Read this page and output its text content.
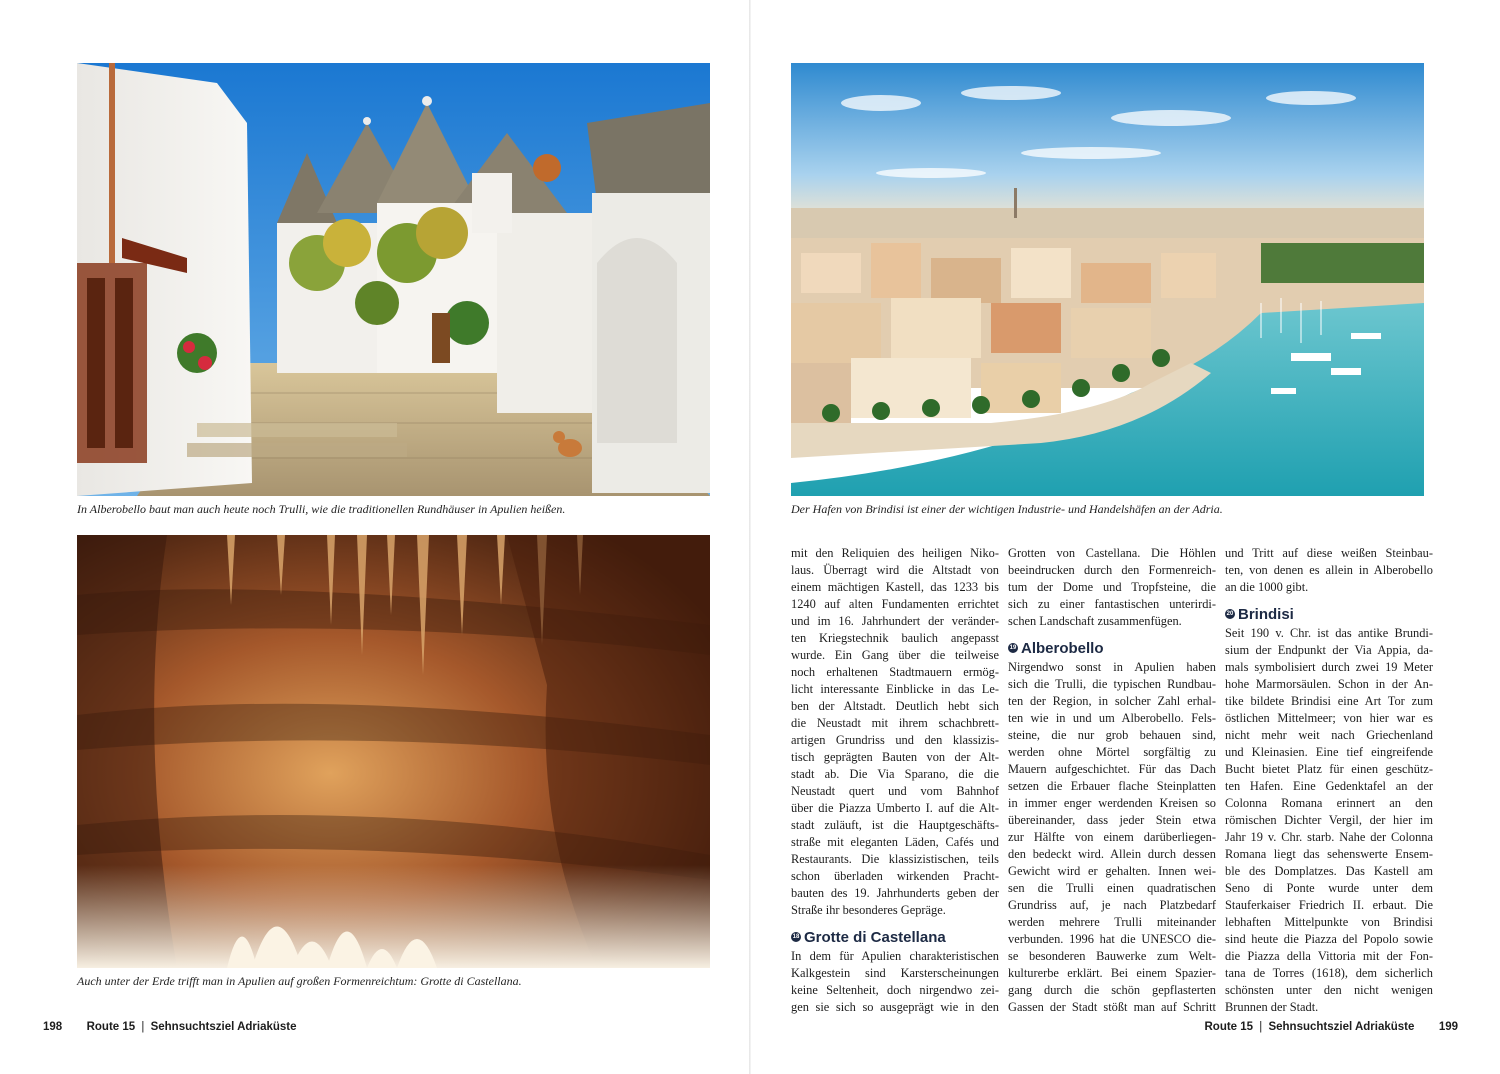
In Alberobello baut man auch heute noch Trulli, wie die traditionellen Rundhäuser in Apulien heißen.
Auch unter der Erde trifft man in Apulien auf großen Formenreichtum: Grotte di Castellana.
198 Route 15 | Sehnsuchtsziel Adriaküste
Der Hafen von Brindisi ist einer der wichtigen Industrie- und Handelshäfen an der Adria.
mit den Reliquien des heiligen Niko-
laus. Überragt wird die Altstadt von
einem mächtigen Kastell, das 1233 bis
1240 auf alten Fundamenten errichtet
und im 16. Jahrhundert der veränder-
ten Kriegstechnik baulich angepasst
wurde. Ein Gang über die teilweise
noch erhaltenen Stadtmauern ermög-
licht interessante Einblicke in das Le-
ben der Altstadt. Deutlich hebt sich
die Neustadt mit ihrem schachbrett-
artigen Grundriss und den klassizis-
tisch geprägten Bauten von der Alt-
stadt ab. Die Via Sparano, die die
Neustadt quert und vom Bahnhof
über die Piazza Umberto I. auf die Alt-
stadt zuläuft, ist die Hauptgeschäfts-
straße mit eleganten Läden, Cafés und
Restaurants. Die klassizistischen, teils
schon überladen wirkenden Pracht-
bauten des 19. Jahrhunderts geben der
Straße ihr besonderes Gepräge.
18 Grotte di Castellana
In dem für Apulien charakteristischen
Kalkgestein sind Karsterscheinungen
keine Seltenheit, doch nirgendwo zei-
gen sie sich so ausgeprägt wie in den
Grotten von Castellana. Die Höhlen
beeindrucken durch den Formenreich-
tum der Dome und Tropfsteine, die
sich zu einer fantastischen unterirdi-
schen Landschaft zusammenfügen.
19 Alberobello
Nirgendwo sonst in Apulien haben
sich die Trulli, die typischen Rundbau-
ten der Region, in solcher Zahl erhal-
ten wie in und um Alberobello. Fels-
steine, die nur grob behauen sind,
werden ohne Mörtel sorgfältig zu
Mauern aufgeschichtet. Für das Dach
setzen die Erbauer flache Steinplatten
in immer enger werdenden Kreisen so
übereinander, dass jeder Stein etwa
zur Hälfte von einem darüberliegen-
den bedeckt wird. Allein durch dessen
Gewicht wird er gehalten. Innen wei-
sen die Trulli einen quadratischen
Grundriss auf, je nach Platzbedarf
werden mehrere Trulli miteinander
verbunden. 1996 hat die UNESCO die-
se besonderen Bauwerke zum Welt-
kulturerbe erklärt. Bei einem Spazier-
gang durch die schön gepflasterten
Gassen der Stadt stößt man auf Schritt
und Tritt auf diese weißen Steinbau-
ten, von denen es allein in Alberobello
an die 1000 gibt.
20 Brindisi
Seit 190 v. Chr. ist das antike Brundi-
sium der Endpunkt der Via Appia, da-
mals symbolisiert durch zwei 19 Meter
hohe Marmorsäulen. Schon in der An-
tike bildete Brindisi eine Art Tor zum
östlichen Mittelmeer; von hier war es
nicht mehr weit nach Griechenland
und Kleinasien. Eine tief eingreifende
Bucht bietet Platz für einen geschütz-
ten Hafen. Eine Gedenktafel an der
Colonna Romana erinnert an den
römischen Dichter Vergil, der hier im
Jahr 19 v. Chr. starb. Nahe der Colonna
Romana liegt das sehenswerte Ensem-
ble des Domplatzes. Das Kastell am
Seno di Ponte wurde unter dem
Stauferkaiser Friedrich II. erbaut. Die
lebhaften Mittelpunkte von Brindisi
sind heute die Piazza del Popolo sowie
die Piazza della Vittoria mit der Fon-
tana de Torres (1618), dem sicherlich
schönsten unter den nicht wenigen
Brunnen der Stadt.
Route 15 | Sehnsuchtsziel Adriaküste 199
